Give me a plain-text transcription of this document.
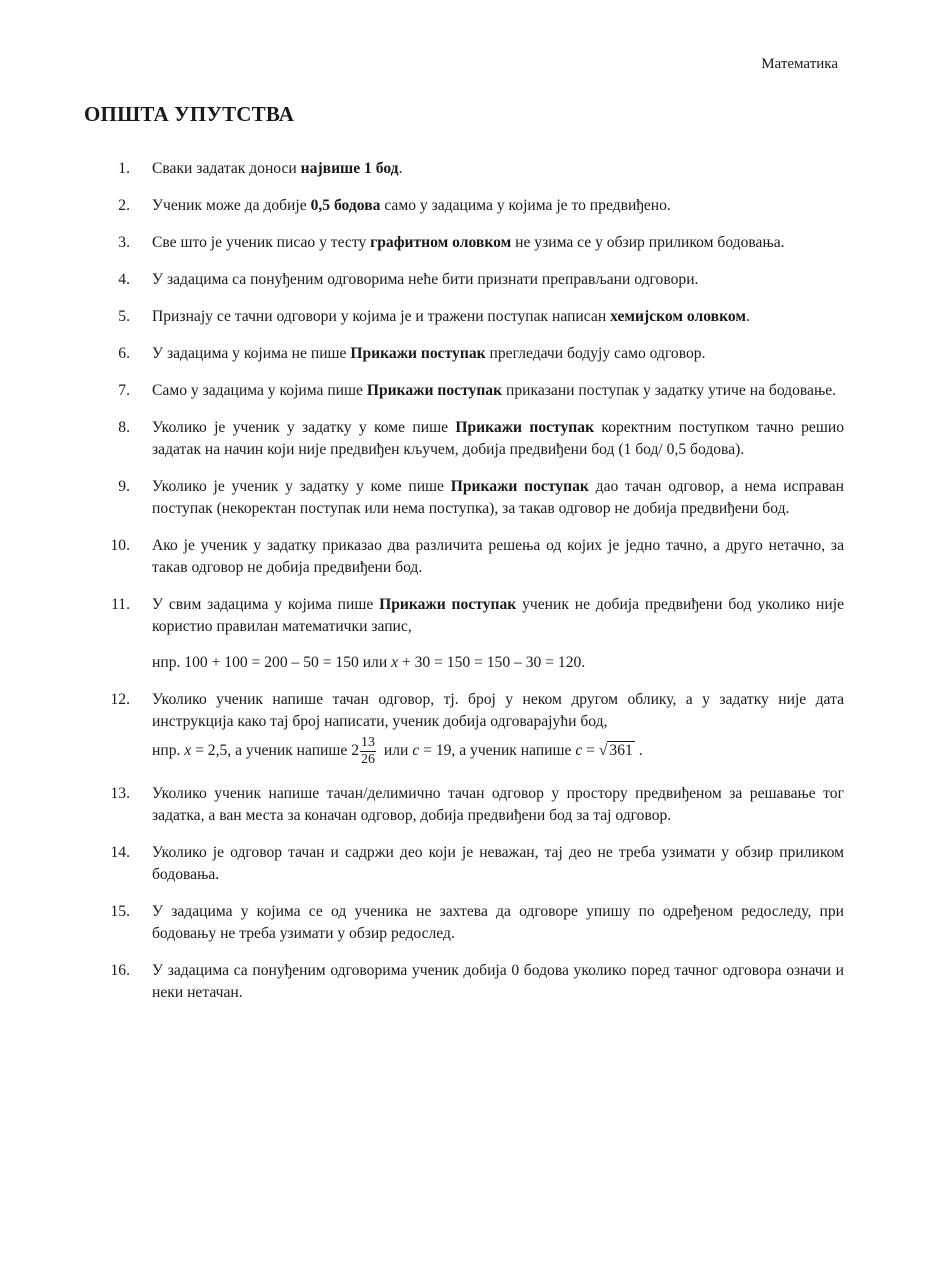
Математика
ОПШТА УПУТСТВА
1. Сваки задатак доноси највише 1 бод.
2. Ученик може да добије 0,5 бодова само у задацима у којима је то предвиђено.
3. Све што је ученик писао у тесту графитном оловком не узима се у обзир приликом бодовања.
4. У задацима са понуђеним одговорима неће бити признати преправљани одговори.
5. Признају се тачни одговори у којима је и тражени поступак написан хемијском оловком.
6. У задацима у којима не пише Прикажи поступак прегледачи бодују само одговор.
7. Само у задацима у којима пише Прикажи поступак приказани поступак у задатку утиче на бодовање.
8. Уколико је ученик у задатку у коме пише Прикажи поступак коректним поступком тачно решио задатак на начин који није предвиђен кључем, добија предвиђени бод (1 бод/ 0,5 бодова).
9. Уколико је ученик у задатку у коме пише Прикажи поступак дао тачан одговор, а нема исправан поступак (некоректан поступак или нема поступка), за такав одговор не добија предвиђени бод.
10. Ако је ученик у задатку приказао два различита решења од којих је једно тачно, а друго нетачно, за такав одговор не добија предвиђени бод.
11. У свим задацима у којима пише Прикажи поступак ученик не добија предвиђени бод уколико није користио правилан математички запис,

нпр. 100 + 100 = 200 – 50 = 150 или x + 30 = 150 = 150 – 30 = 120.

12. Уколико ученик напише тачан одговор, тј. број у неком другом облику, а у задатку није дата инструкција како тај број написати, ученик добија одговарајући бод,

нпр. x = 2,5, а ученик напише $2 \frac{13}{26}$ или c = 19, а ученик напише c = √ 361 .

13. Уколико ученик напише тачан/делимично тачан одговор у простору предвиђеном за решавање тог задатка, а ван места за коначан одговор, добија предвиђени бод за тај одговор.
14. Уколико је одговор тачан и садржи део који је неважан, тај део не треба узимати у обзир приликом бодовања.
15. У задацима у којима се од ученика не захтева да одговоре упишу по одређеном редоследу, при бодовању не треба узимати у обзир редослед.
16. У задацима са понуђеним одговорима ученик добија 0 бодова уколико поред тачног одговора означи и неки нетачан.
